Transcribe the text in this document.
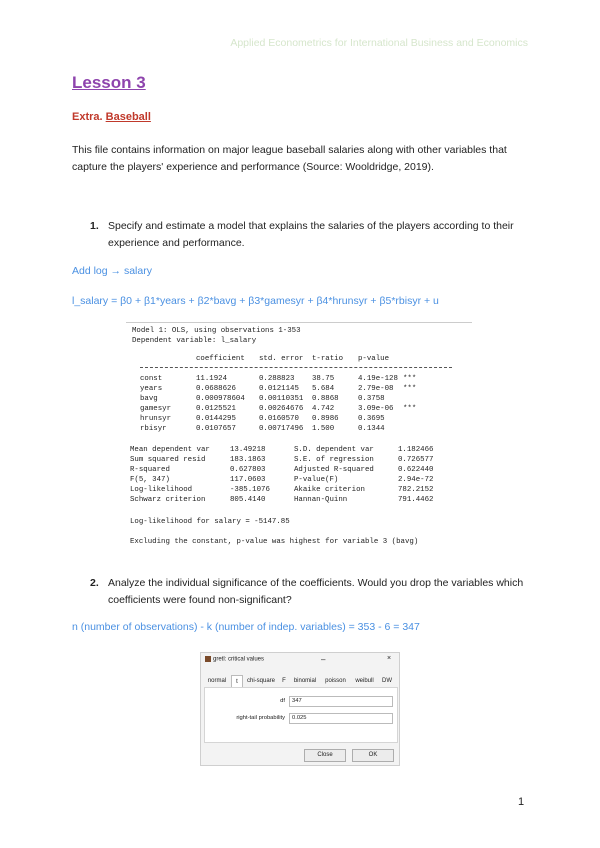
Applied Econometrics for International Business and Economics
Lesson 3
Extra. Baseball
This file contains information on major league baseball salaries along with other variables that capture the players' experience and performance (Source: Wooldridge, 2019).
1. Specify and estimate a model that explains the salaries of the players according to their experience and performance.
Add log → salary
l_salary = β0 + β1*years + β2*bavg + β3*gamesyr + β4*hrunsyr + β5*rbisyr + u
Model 1: OLS, using observations 1-353
Dependent variable: l_salary
coefficient std. error t-ratio p-value
const	11.1924	0.288823 38.75	4.19e-128 ***
years	0.0688626	0.0121145 5.684	2.79e-08 ***
bavg	0.000978604 0.00110351 0.8868	0.3758
gamesyr	0.0125521	0.00264676 4.742	3.09e-06 ***
hrunsyr	0.0144295	0.0160570 0.8986	0.3695
rbisyr	0.0107657	0.00717496 1.500	0.1344
Mean dependent var	13.49218	S.D. dependent var	1.182466
Sum squared resid	183.1863	S.E. of regression	0.726577
R-squared	0.627803	Adjusted R-squared	0.622440
F(5, 347)	117.0603	P-value(F)	2.94e-72
Log-likelihood	-385.1076	Akaike criterion	782.2152
Schwarz criterion	805.4140	Hannan-Quinn	791.4462
Log-likelihood for salary = -5147.85
Excluding the constant, p-value was highest for variable 3 (bavg)
2. Analyze the individual significance of the coefficients. Would you drop the variables which coefficients were found non-significant?
n (number of observations) - k (number of indep. variables) = 353 - 6 = 347
gretl: critical values	–	×
normal	t	chi-square	F	binomial	poisson	weibull	DW
df	347
right-tail probability	0.025
Close	OK
1
